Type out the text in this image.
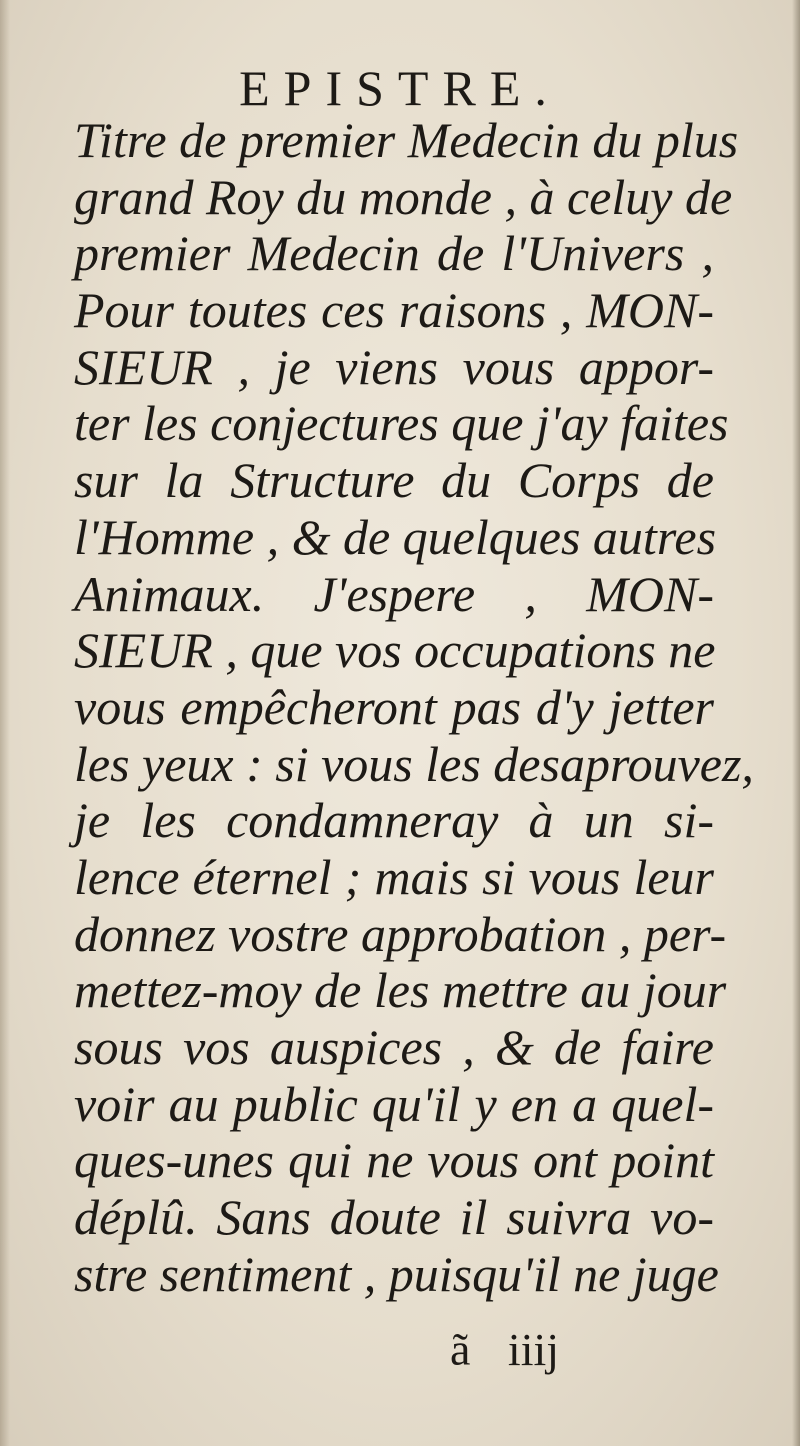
EPISTRE.
Titre de premier Medecin du plus
grand Roy du monde , à celuy de
premier Medecin de l'Univers ,
Pour toutes ces raisons , MON-
SIEUR , je viens vous appor-
ter les conjectures que j'ay faites
sur la Structure du Corps de
l'Homme , & de quelques autres
Animaux. J'espere , MON-
SIEUR , que vos occupations ne
vous empêcheront pas d'y jetter
les yeux : si vous les desaprouvez,
je les condamneray à un si-
lence éternel ; mais si vous leur
donnez vostre approbation , per-
mettez-moy de les mettre au jour
sous vos auspices , & de faire
voir au public qu'il y en a quel-
ques-unes qui ne vous ont point
déplû. Sans doute il suivra vo-
stre sentiment , puisqu'il ne juge
ã iiij
